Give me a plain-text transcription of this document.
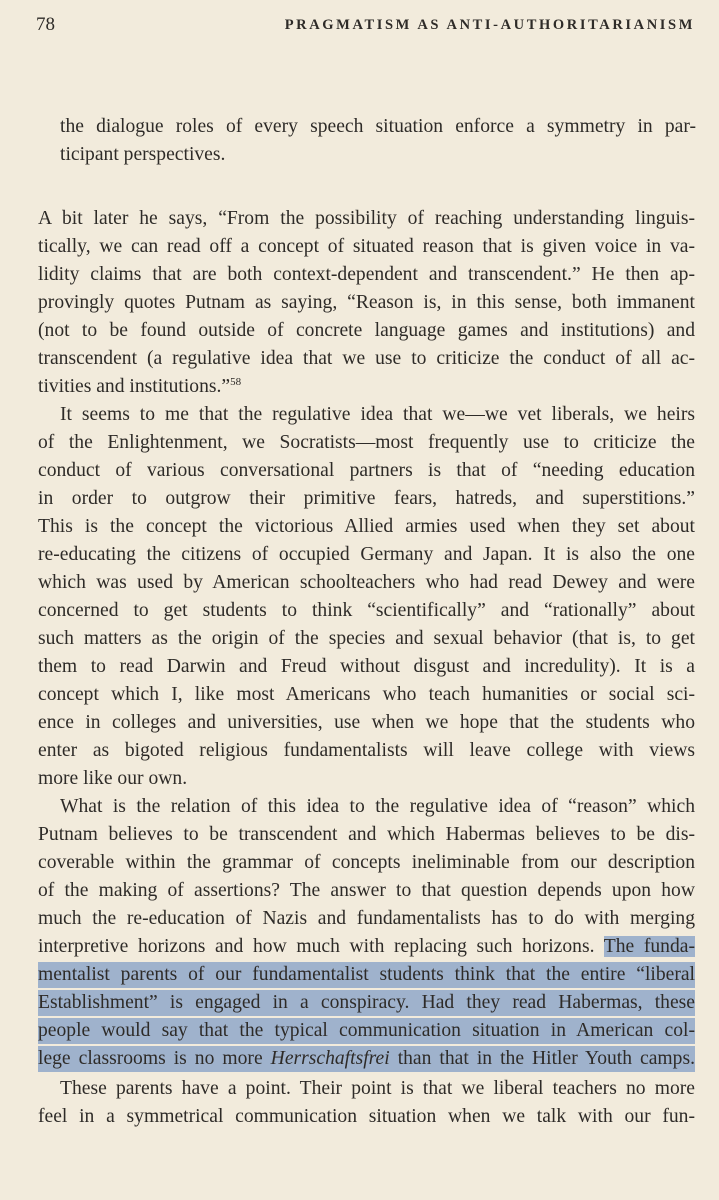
78	PRAGMATISM AS ANTI-AUTHORITARIANISM
the dialogue roles of every speech situation enforce a symmetry in par-
ticipant perspectives.
A bit later he says, “From the possibility of reaching understanding linguis-
tically, we can read off a concept of situated reason that is given voice in va-
lidity claims that are both context-dependent and transcendent.” He then ap-
provingly quotes Putnam as saying, “Reason is, in this sense, both immanent
(not to be found outside of concrete language games and institutions) and
transcendent (a regulative idea that we use to criticize the conduct of all ac-
tivities and institutions.”$^{58}$
It seems to me that the regulative idea that we—we vet liberals, we heirs
of the Enlightenment, we Socratists—most frequently use to criticize the
conduct of various conversational partners is that of “needing education
in order to outgrow their primitive fears, hatreds, and superstitions.”
This is the concept the victorious Allied armies used when they set about
re-educating the citizens of occupied Germany and Japan. It is also the one
which was used by American schoolteachers who had read Dewey and were
concerned to get students to think “scientifically” and “rationally” about
such matters as the origin of the species and sexual behavior (that is, to get
them to read Darwin and Freud without disgust and incredulity). It is a
concept which I, like most Americans who teach humanities or social sci-
ence in colleges and universities, use when we hope that the students who
enter as bigoted religious fundamentalists will leave college with views
more like our own.
What is the relation of this idea to the regulative idea of “reason” which
Putnam believes to be transcendent and which Habermas believes to be dis-
coverable within the grammar of concepts ineliminable from our description
of the making of assertions? The answer to that question depends upon how
much the re-education of Nazis and fundamentalists has to do with merging
interpretive horizons and how much with replacing such horizons. The funda-
mentalist parents of our fundamentalist students think that the entire “liberal
Establishment” is engaged in a conspiracy. Had they read Habermas, these
people would say that the typical communication situation in American col-
lege classrooms is no more Herrschaftsfrei than that in the Hitler Youth camps.
These parents have a point. Their point is that we liberal teachers no more
feel in a symmetrical communication situation when we talk with our fun-
